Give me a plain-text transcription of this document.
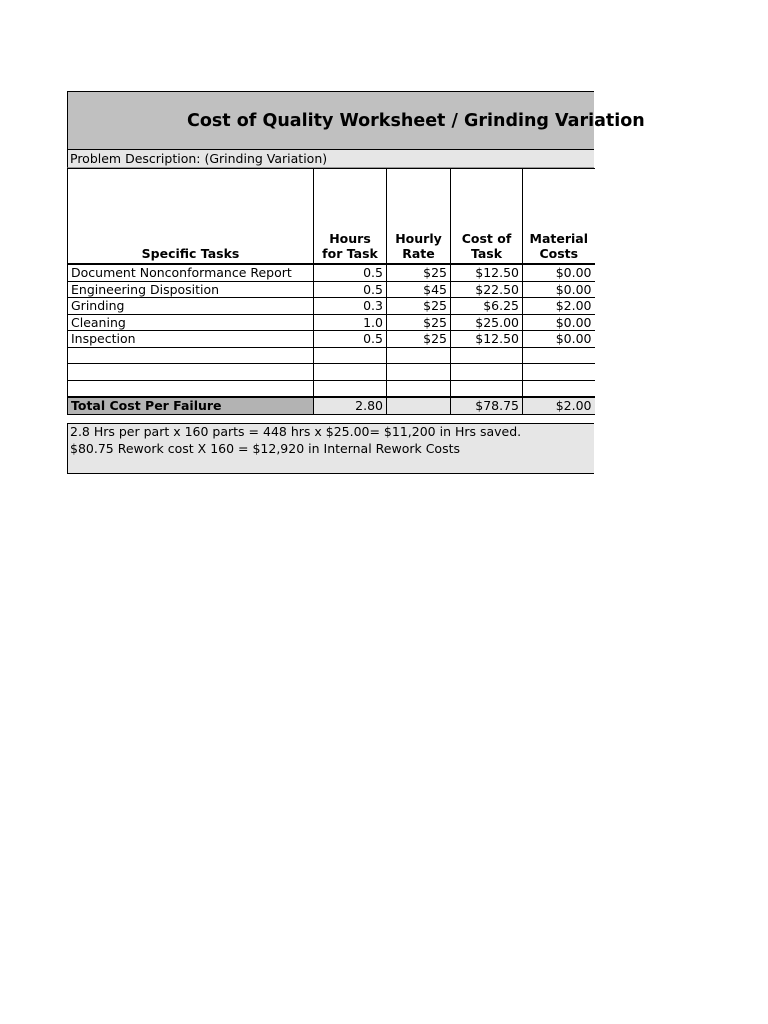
Cost of Quality Worksheet / Grinding Variation
Problem Description: (Grinding Variation)
Specific Tasks	Hours for Task	Hourly Rate	Cost of Task	Material Costs
Document Nonconformance Report	0.5	$25	$12.50	$0.00
Engineering Disposition	0.5	$45	$22.50	$0.00
Grinding	0.3	$25	$6.25	$2.00
Cleaning	1.0	$25	$25.00	$0.00
Inspection	0.5	$25	$12.50	$0.00

Total Cost Per Failure	2.80		$78.75	$2.00
2.8 Hrs per part x 160 parts = 448 hrs x $25.00= $11,200 in Hrs saved.
$80.75 Rework cost X 160 = $12,920 in Internal Rework Costs
